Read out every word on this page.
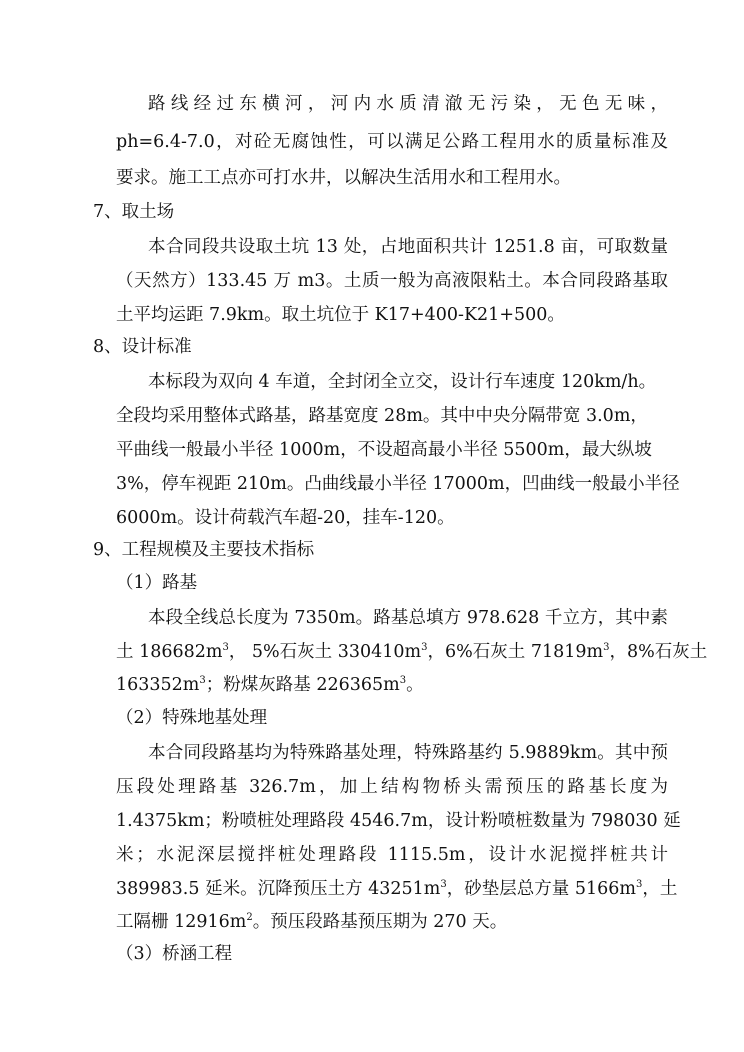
路线经过东横河，河内水质清澈无污染，无色无味，
ph=6.4-7.0，对砼无腐蚀性，可以满足公路工程用水的质量标准及
要求。施工工点亦可打水井，以解决生活用水和工程用水。
7、取土场
本合同段共设取土坑 13 处，占地面积共计 1251.8 亩，可取数量
（天然方）133.45 万 m3。土质一般为高液限粘土。本合同段路基取
土平均运距 7.9km。取土坑位于 K17+400-K21+500。
8、设计标准
本标段为双向 4 车道，全封闭全立交，设计行车速度 120km/h。
全段均采用整体式路基，路基宽度 28m。其中中央分隔带宽 3.0m，
平曲线一般最小半径 1000m，不设超高最小半径 5500m，最大纵坡
3%，停车视距 210m。凸曲线最小半径 17000m，凹曲线一般最小半径
6000m。设计荷载汽车超-20，挂车-120。
9、工程规模及主要技术指标
（1）路基
本段全线总长度为 7350m。路基总填方 978.628 千立方，其中素
土 $186682m^3$， 5%石灰土 $330410m^3$，6%石灰土 $71819m^3$，8%石灰土
$163352m^3$；粉煤灰路基 $226365m^3$。
（2）特殊地基处理
本合同段路基均为特殊路基处理，特殊路基约 5.9889km。其中预
压段处理路基 326.7m，加上结构物桥头需预压的路基长度为
1.4375km；粉喷桩处理路段 4546.7m，设计粉喷桩数量为 798030 延
米；水泥深层搅拌桩处理路段 1115.5m，设计水泥搅拌桩共计
389983.5 延米。沉降预压土方 $43251m^3$，砂垫层总方量 $5166m^3$，土
工隔栅 $12916m^2$。预压段路基预压期为 270 天。
（3）桥涵工程
